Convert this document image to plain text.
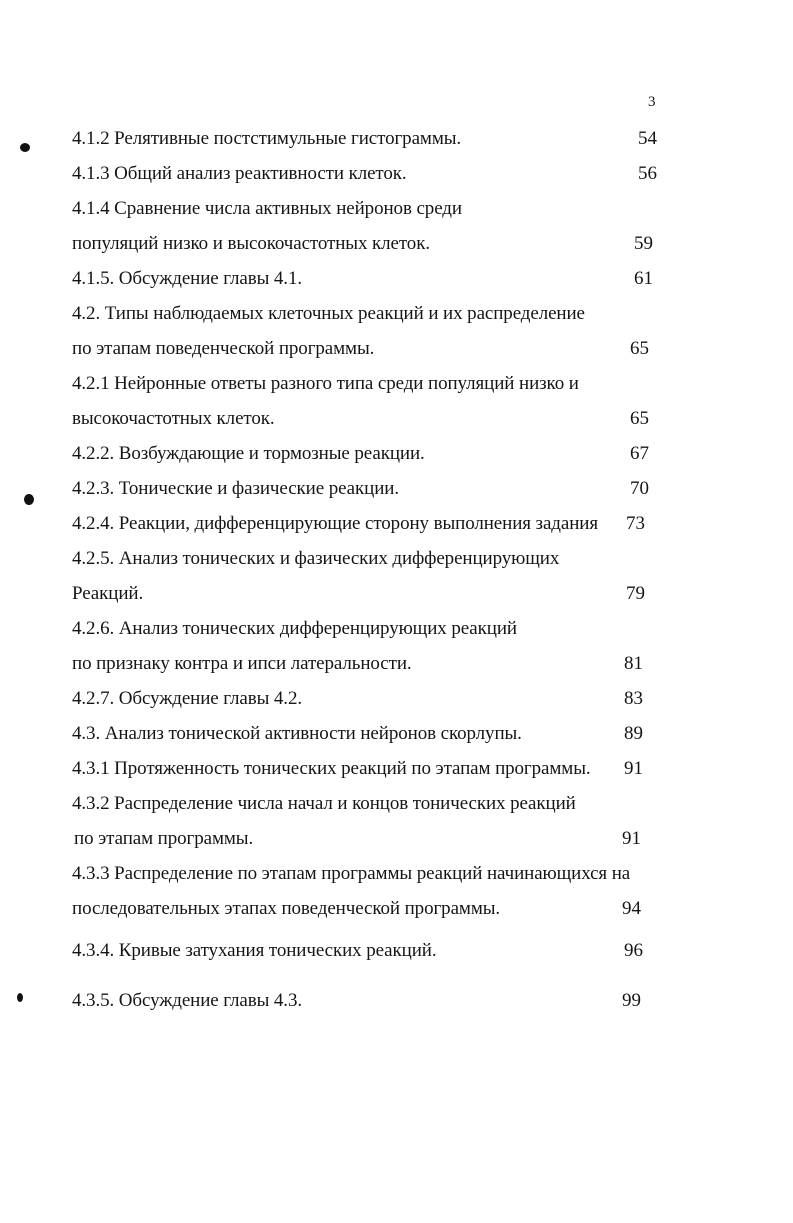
3
4.1.2 Релятивные постстимульные гистограммы.	54
4.1.3 Общий анализ реактивности клеток.	56
4.1.4 Сравнение числа активных нейронов среди
популяций низко и высокочастотных клеток.	59
4.1.5. Обсуждение главы 4.1.	61
4.2. Типы наблюдаемых клеточных реакций и их распределение
по этапам поведенческой программы.	65
4.2.1 Нейронные ответы разного типа среди популяций низко и
высокочастотных клеток.	65
4.2.2. Возбуждающие и тормозные реакции.	67
4.2.3. Тонические и фазические реакции.	70
4.2.4. Реакции, дифференцирующие сторону выполнения задания 73
4.2.5. Анализ тонических и фазических дифференцирующих
Реакций.	79
4.2.6. Анализ тонических дифференцирующих реакций
по признаку контра и ипси латеральности.	81
4.2.7. Обсуждение главы 4.2.	83
4.3. Анализ тонической активности нейронов скорлупы.	89
4.3.1 Протяженность тонических реакций по этапам программы. 91
4.3.2 Распределение числа начал и концов тонических реакций
по этапам программы.	91
4.3.3 Распределение по этапам программы реакций начинающихся на
последовательных этапах поведенческой программы.	94
4.3.4. Кривые затухания тонических реакций.	96
4.3.5. Обсуждение главы 4.3.	99
